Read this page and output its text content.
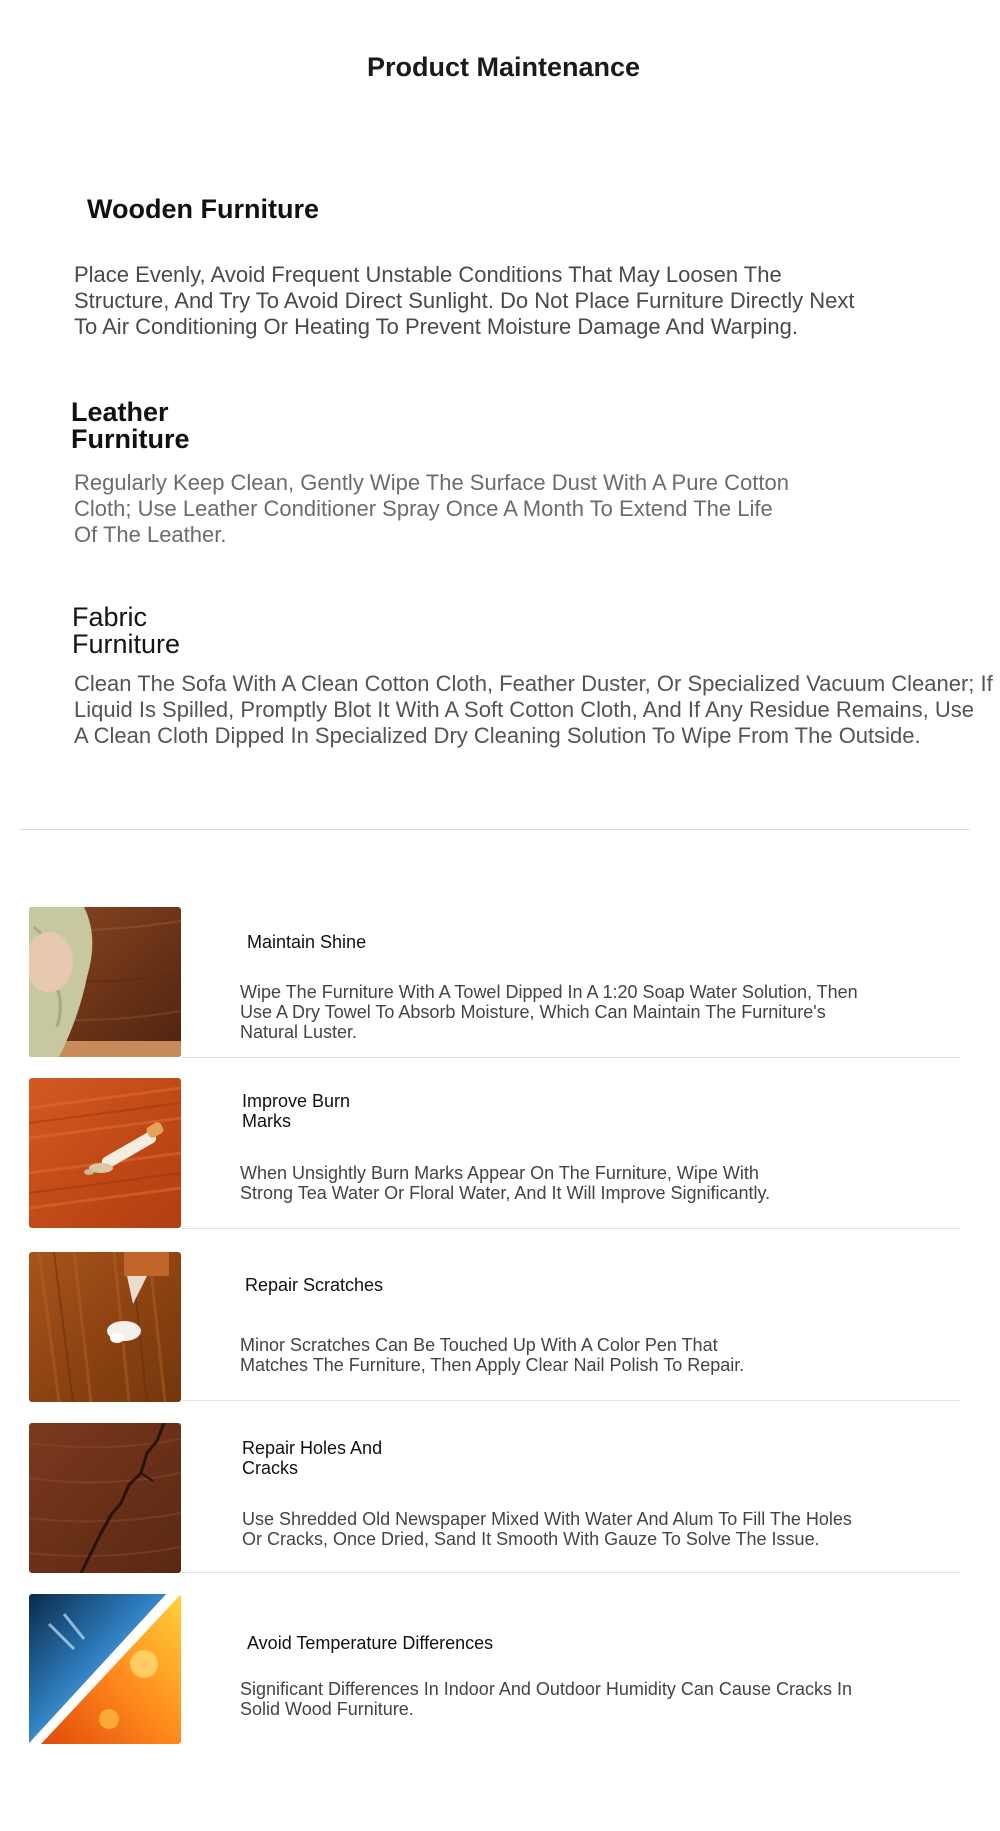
Product Maintenance
Wooden Furniture
Place Evenly, Avoid Frequent Unstable Conditions That May Loosen The
Structure, And Try To Avoid Direct Sunlight. Do Not Place Furniture Directly Next
To Air Conditioning Or Heating To Prevent Moisture Damage And Warping.
Leather
Furniture
Regularly Keep Clean, Gently Wipe The Surface Dust With A Pure Cotton
Cloth; Use Leather Conditioner Spray Once A Month To Extend The Life
Of The Leather.
Fabric
Furniture
Clean The Sofa With A Clean Cotton Cloth, Feather Duster, Or Specialized Vacuum Cleaner; If
Liquid Is Spilled, Promptly Blot It With A Soft Cotton Cloth, And If Any Residue Remains, Use
A Clean Cloth Dipped In Specialized Dry Cleaning Solution To Wipe From The Outside.
Maintain Shine
Wipe The Furniture With A Towel Dipped In A 1:20 Soap Water Solution, Then
Use A Dry Towel To Absorb Moisture, Which Can Maintain The Furniture's
Natural Luster.
Improve Burn
Marks
When Unsightly Burn Marks Appear On The Furniture, Wipe With
Strong Tea Water Or Floral Water, And It Will Improve Significantly.
Repair Scratches
Minor Scratches Can Be Touched Up With A Color Pen That
Matches The Furniture, Then Apply Clear Nail Polish To Repair.
Repair Holes And
Cracks
Use Shredded Old Newspaper Mixed With Water And Alum To Fill The Holes
Or Cracks, Once Dried, Sand It Smooth With Gauze To Solve The Issue.
Avoid Temperature Differences
Significant Differences In Indoor And Outdoor Humidity Can Cause Cracks In
Solid Wood Furniture.
